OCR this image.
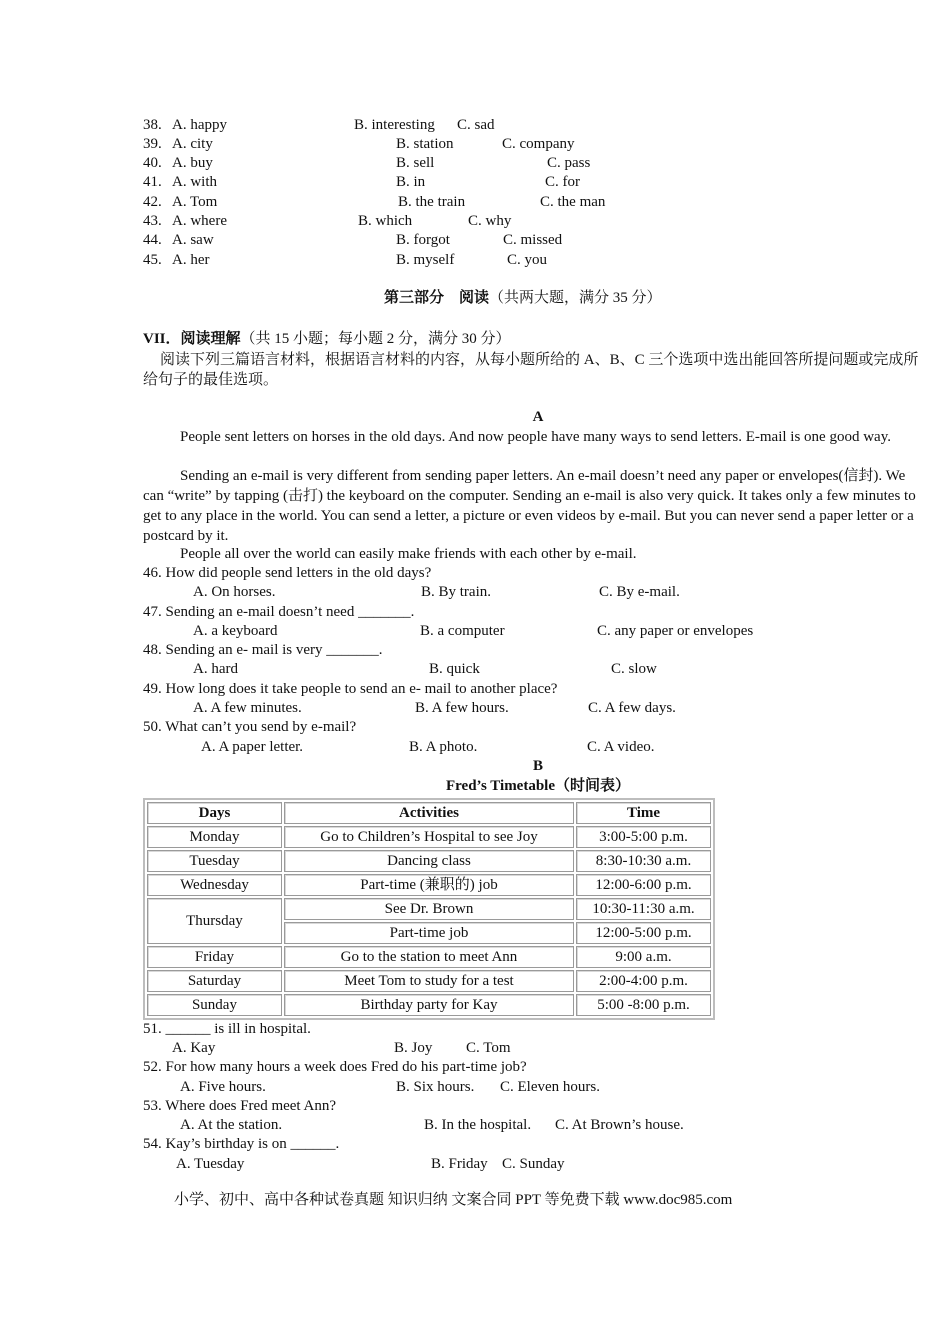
38. A. happy	B. interesting C. sad
39. A. city	B. station	C. company
40. A. buy	B. sell	C. pass
41. A. with	B. in	C. for
42. A. Tom	B. the train	C. the man
43. A. where	B. which	C. why
44. A. saw	B. forgot	C. missed
45. A. her	B. myself	C. you
第三部分　阅读（共两大题，满分 35 分）
VII．阅读理解（共 15 小题；每小题 2 分，满分 30 分）
阅读下列三篇语言材料，根据语言材料的内容，从每小题所给的 A、B、C 三个选项中选出能回答所提问题或完成所给句子的最佳选项。
A
People sent letters on horses in the old days. And now people have many ways to send letters. E-mail is one good way.
Sending an e-mail is very different from sending paper letters. An e-mail doesn’t need any paper or envelopes(信封). We can “write” by tapping (击打) the keyboard on the computer. Sending an e-mail is also very quick. It takes only a few minutes to get to any place in the world. You can send a letter, a picture or even videos by e-mail. But you can never send a paper letter or a postcard by it.
People all over the world can easily make friends with each other by e-mail.
46. How did people send letters in the old days?
A. On horses.	B. By train.	C. By e-mail.
47. Sending an e-mail doesn’t need _______.
A. a keyboard	B. a computer	C. any paper or envelopes
48. Sending an e- mail is very _______.
A. hard	B. quick	C. slow
49. How long does it take people to send an e- mail to another place?
A. A few minutes.	B. A few hours.	C. A few days.
50. What can’t you send by e-mail?
A. A paper letter.	B. A photo.	C. A video.
B
Fred’s Timetable（时间表）
Days	Activities	Time
Monday	Go to Children’s Hospital to see Joy	3:00-5:00 p.m.
Tuesday	Dancing class	8:30-10:30 a.m.
Wednesday	Part-time (兼职的) job	12:00-6:00 p.m.
Thursday	See Dr. Brown	10:30-11:30 a.m.
	Part-time job	12:00-5:00 p.m.
Friday	Go to the station to meet Ann	9:00 a.m.
Saturday	Meet Tom to study for a test	2:00-4:00 p.m.
Sunday	Birthday party for Kay	5:00 -8:00 p.m.
51. ______ is ill in hospital.
A. Kay	B. Joy C. Tom
52. For how many hours a week does Fred do his part-time job?
A. Five hours.	B. Six hours. C. Eleven hours.
53. Where does Fred meet Ann?
A. At the station.	B. In the hospital. C. At Brown’s house.
54. Kay’s birthday is on ______.
A. Tuesday	B. Friday C. Sunday
小学、初中、高中各种试卷真题 知识归纳 文案合同 PPT 等免费下载 www.doc985.com
